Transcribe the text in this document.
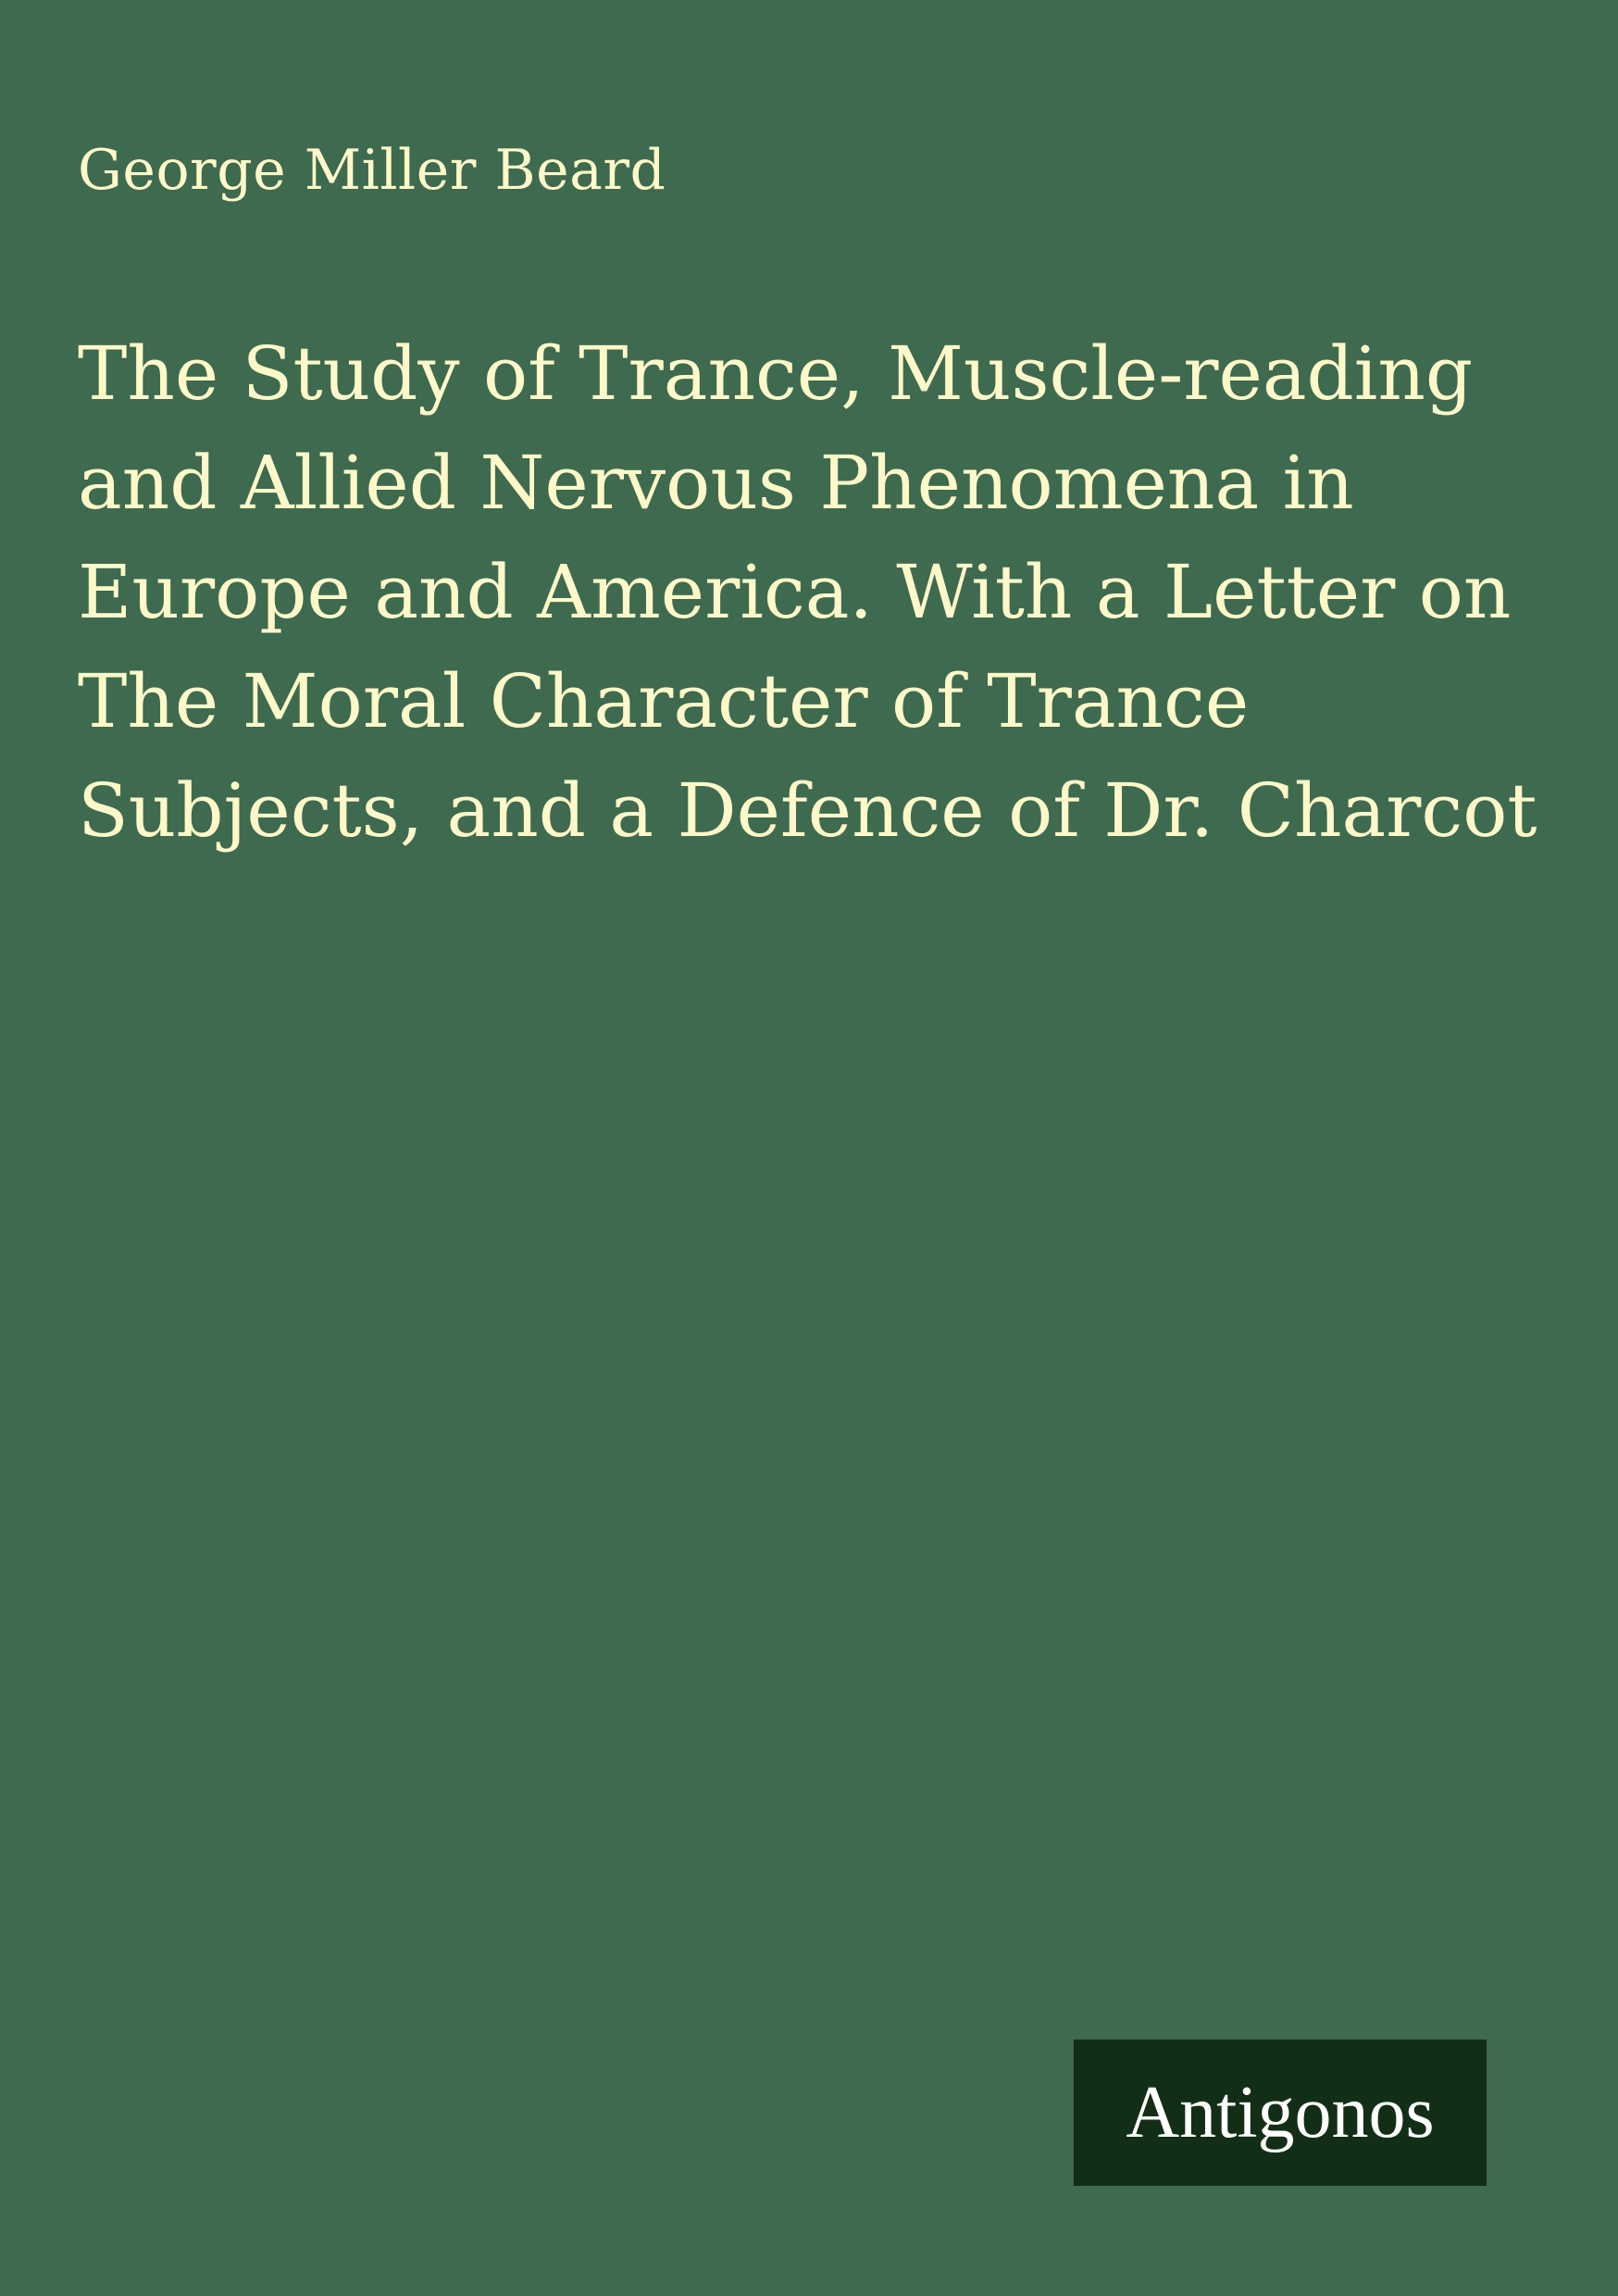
George Miller Beard
The Study of Trance, Muscle-reading
and Allied Nervous Phenomena in
Europe and America. With a Letter on
The Moral Character of Trance
Subjects, and a Defence of Dr. Charcot
Antigonos
